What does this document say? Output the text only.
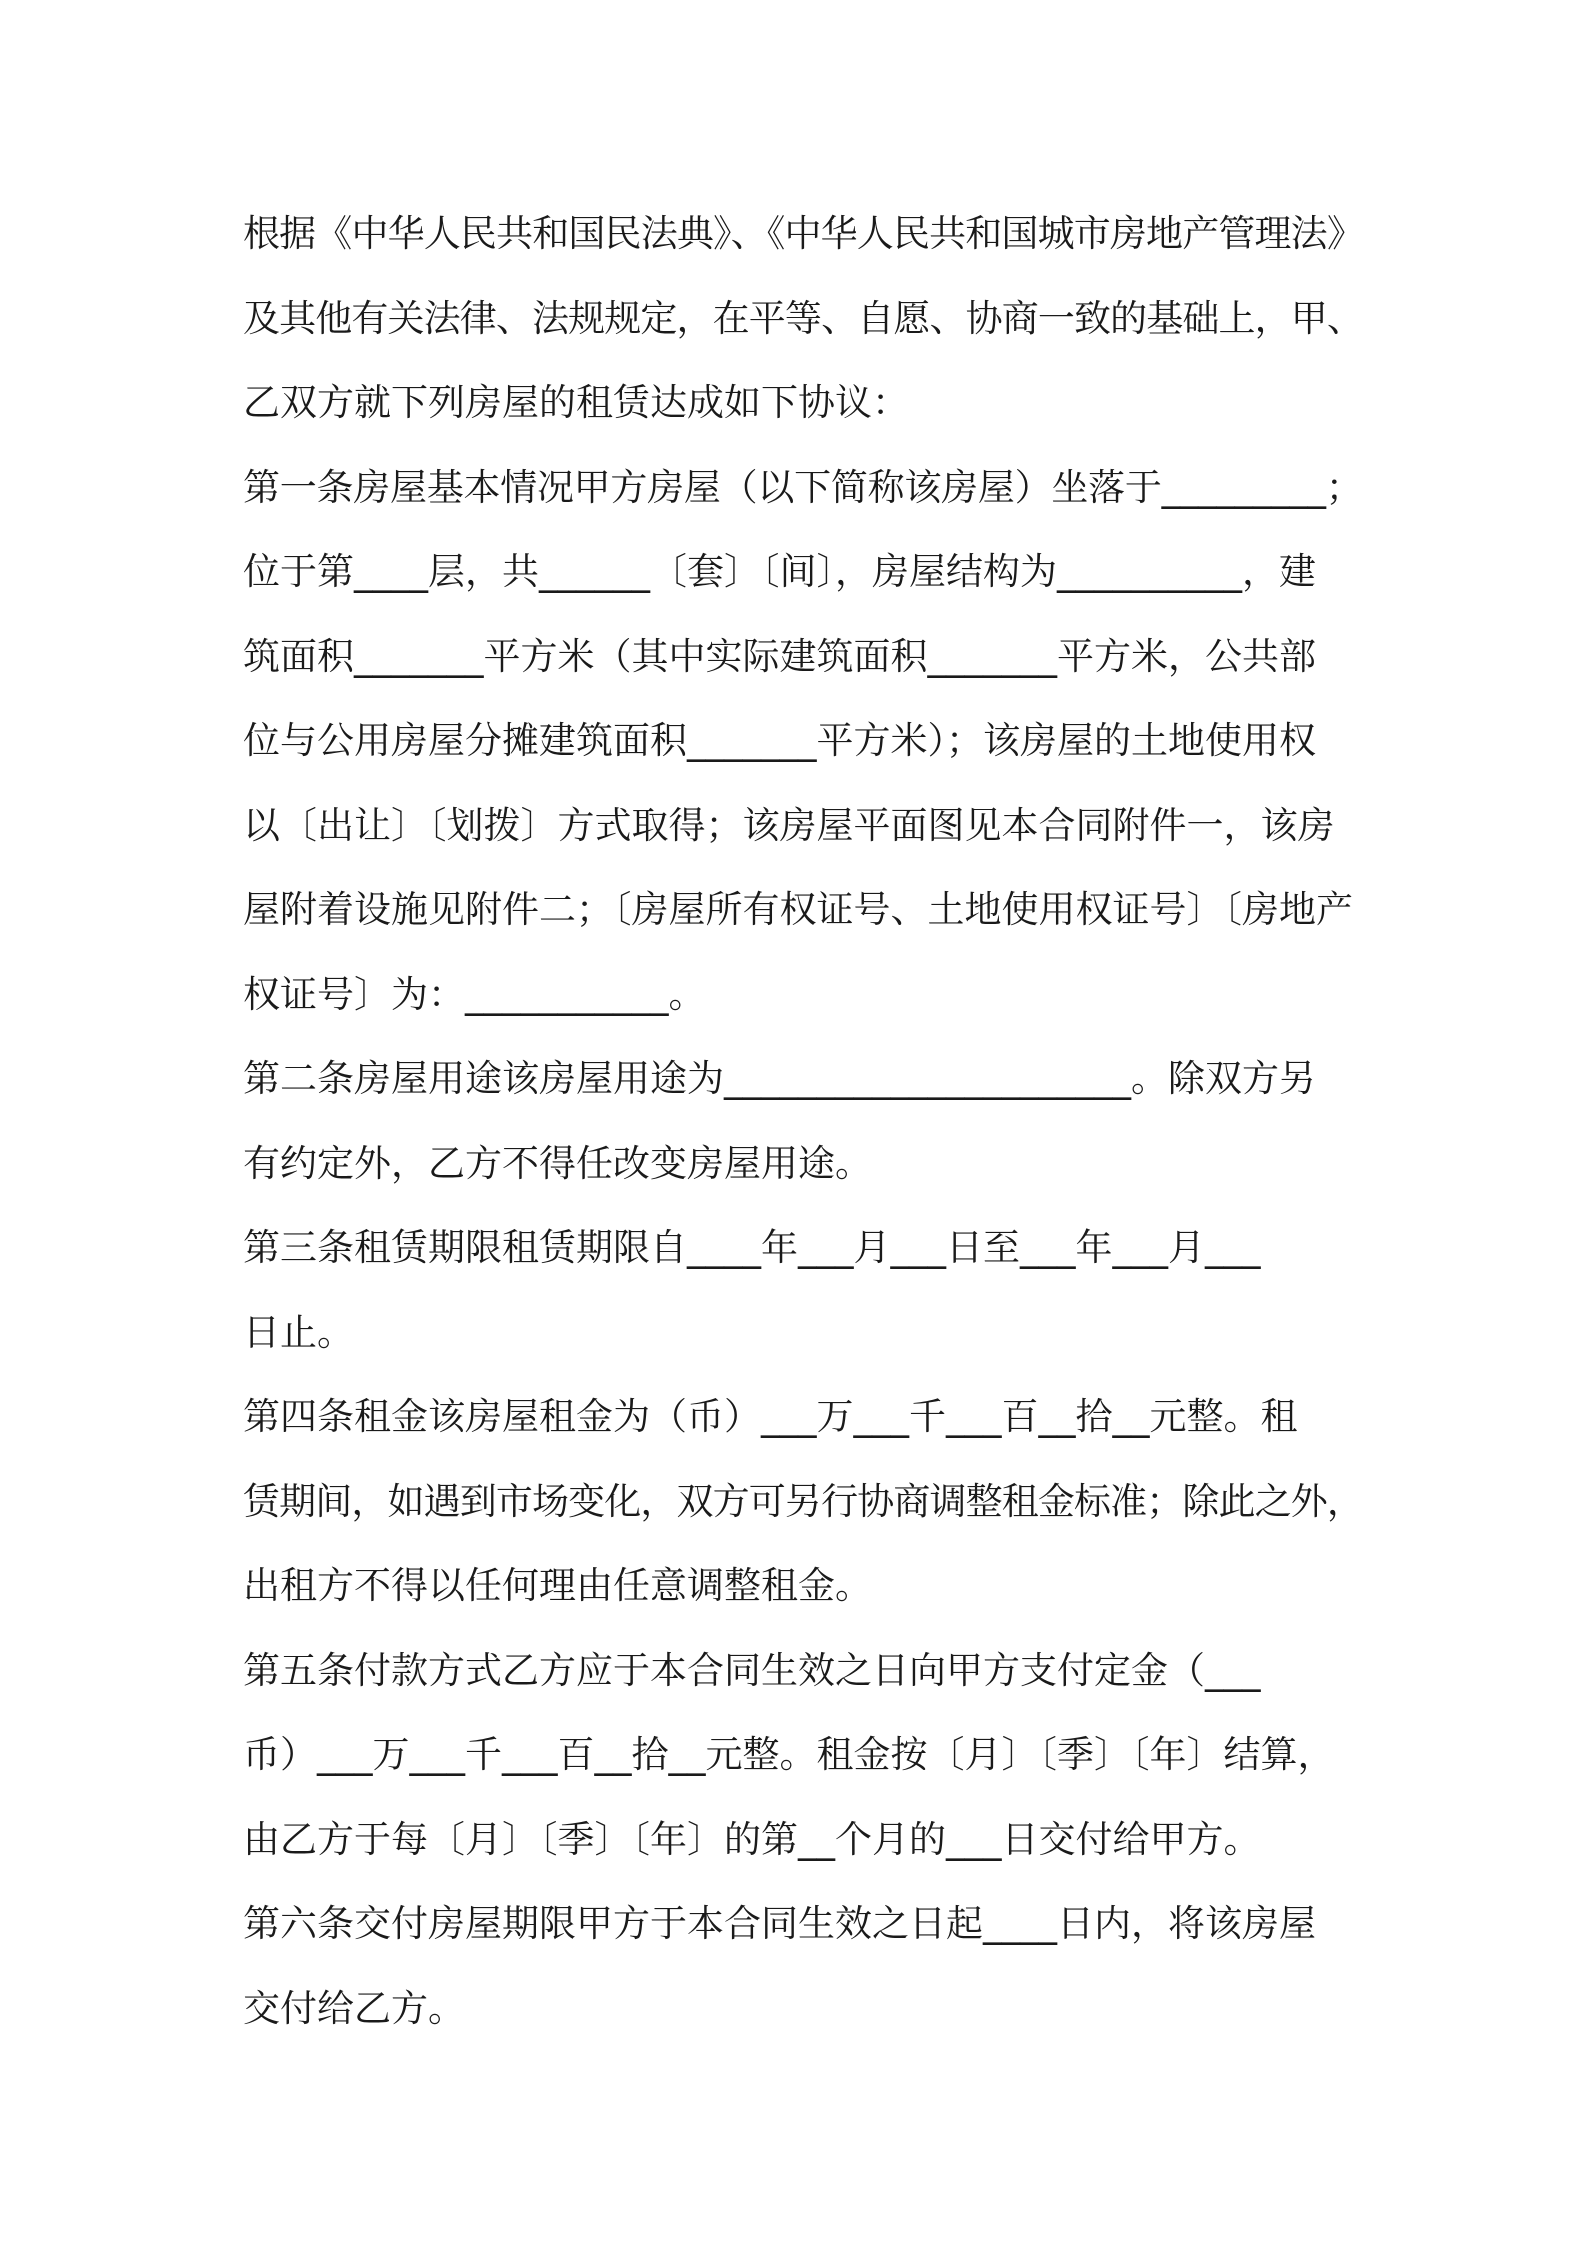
根据《中华人民共和国民法典》、《中华人民共和国城市房地产管理法》
及其他有关法律、法规规定，在平等、自愿、协商一致的基础上，甲、
乙双方就下列房屋的租赁达成如下协议：
第一条房屋基本情况甲方房屋（以下简称该房屋）坐落于_________；
位于第____层，共______〔套〕〔间〕，房屋结构为__________，建
筑面积_______平方米（其中实际建筑面积_______平方米，公共部
位与公用房屋分摊建筑面积_______平方米）；该房屋的土地使用权
以〔出让〕〔划拨〕方式取得；该房屋平面图见本合同附件一，该房
屋附着设施见附件二；〔房屋所有权证号、土地使用权证号〕〔房地产
权证号〕为：___________。
第二条房屋用途该房屋用途为______________________。除双方另
有约定外，乙方不得任改变房屋用途。
第三条租赁期限租赁期限自____年___月___日至___年___月___
日止。
第四条租金该房屋租金为（币）___万___千___百__拾__元整。租
赁期间，如遇到市场变化，双方可另行协商调整租金标准；除此之外，
出租方不得以任何理由任意调整租金。
第五条付款方式乙方应于本合同生效之日向甲方支付定金（___
币）___万___千___百__拾__元整。租金按〔月〕〔季〕〔年〕结算，
由乙方于每〔月〕〔季〕〔年〕的第__个月的___日交付给甲方。
第六条交付房屋期限甲方于本合同生效之日起____日内，将该房屋
交付给乙方。
